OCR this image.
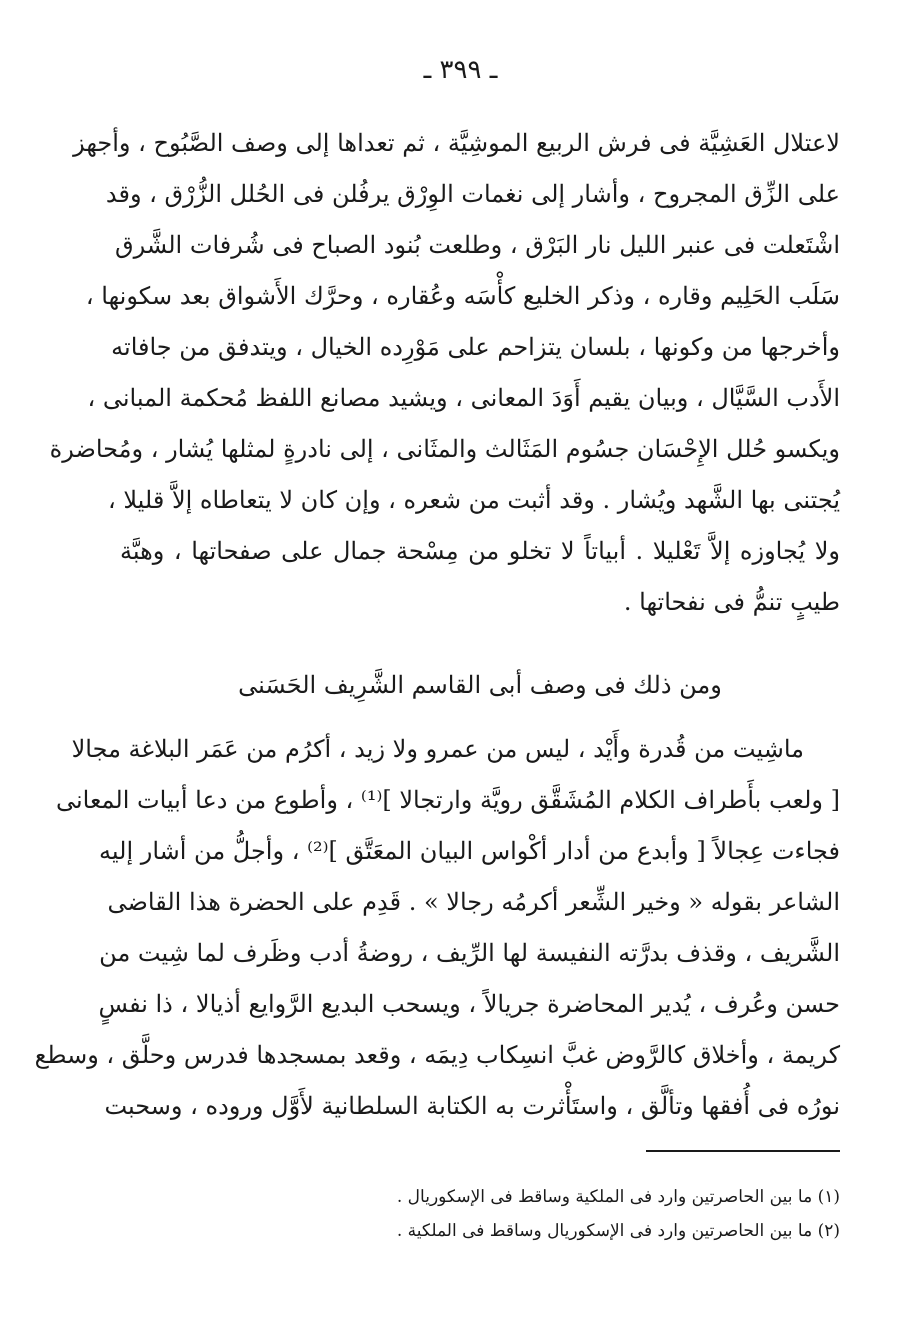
ـ ٣٩٩ ـ
لاعتلال العَشِيَّة فى فرش الربيع الموشِيَّة ، ثم تعداها إلى وصف الصَّبُوح ، وأجهز
على الزِّق المجروح ، وأشار إلى نغمات الوِرْق يرفُلن فى الحُلل الزُّرْق ، وقد
اشْتَعلت فى عنبر الليل نار البَرْق ، وطلعت بُنود الصباح فى شُرفات الشَّرق
سَلَب الحَلِيم وقاره ، وذكر الخليع كأْسَه وعُقاره ، وحرَّك الأَشواق بعد سكونها ،
وأخرجها من وكونها ، بلسان يتزاحم على مَوْرِده الخيال ، ويتدفق من جافاته
الأَدب السَّيَّال ، وبيان يقيم أَوَدَ المعانى ، ويشيد مصانع اللفظ مُحكمة المبانى ،
ويكسو حُلل الإِحْسَان جسُوم المَثَالث والمثَانى ، إلى نادرةٍ لمثلها يُشار ، ومُحاضرة
يُجتنى بها الشَّهد ويُشار . وقد أثبت من شعره ، وإن كان لا يتعاطاه إلاَّ قليلا ،
ولا يُجاوزه إلاَّ تَعْليلا . أبياتاً لا تخلو من مِسْحة جمال على صفحاتها ، وهبَّة
طيبٍ تنمُّ فى نفحاتها .
ومن ذلك فى وصف أبى القاسم الشَّرِيف الحَسَنى
ماشِيت من قُدرة وأَيْد ، ليس من عمرو ولا زيد ، أكرُم من عَمَر البلاغة مجالا
[ ولعب بأَطراف الكلام المُشَقَّق رويَّة وارتجالا ]⁽¹⁾ ، وأطوع من دعا أبيات المعانى
فجاءت عِجالاً [ وأبدع من أدار أكْواس البيان المعَتَّق ]⁽²⁾ ، وأجلُّ من أشار إليه
الشاعر بقوله « وخير الشِّعر أكرمُه رجالا » . قَدِم على الحضرة هذا القاضى
الشَّريف ، وقذف بدرَّته النفيسة لها الرِّيف ، روضةُ أدب وظَرف لما شِيت من
حسن وعُرف ، يُدير المحاضرة جريالاً ، ويسحب البديع الرَّوايع أذيالا ، ذا نفسٍ
كريمة ، وأخلاق كالرَّوض غبَّ انسِكاب دِيمَه ، وقعد بمسجدها فدرس وحلَّق ، وسطع
نورُه فى أُفقها وتألَّق ، واستَأْثرت به الكتابة السلطانية لأَوَّل وروده ، وسحبت
(١) ما بين الحاصرتين وارد فى الملكية وساقط فى الإسكوريال .
(٢) ما بين الحاصرتين وارد فى الإسكوريال وساقط فى الملكية .
